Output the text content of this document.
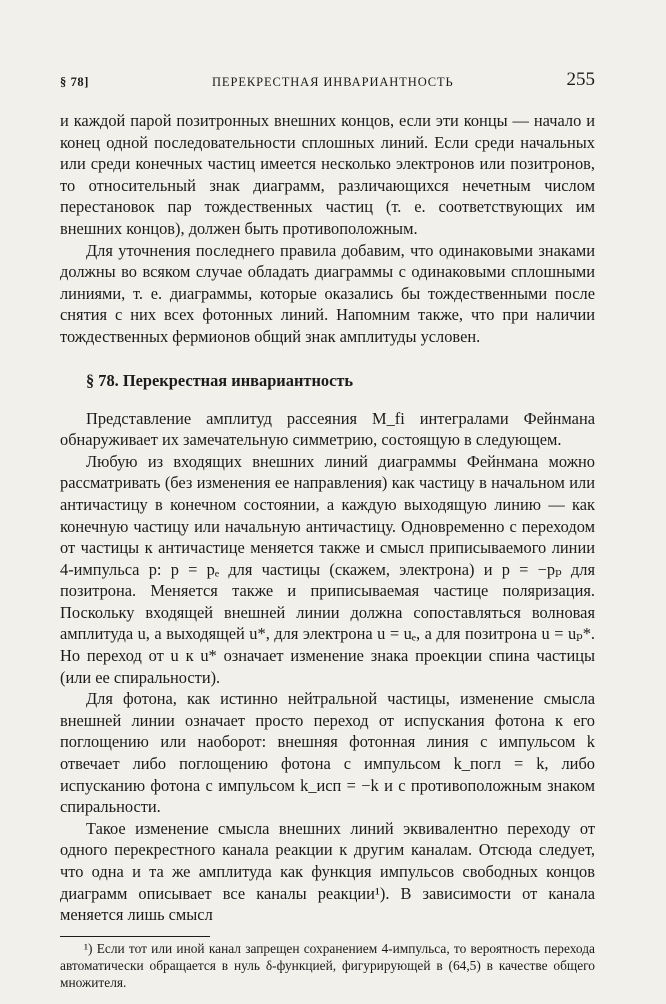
§ 78]	ПЕРЕКРЕСТНАЯ ИНВАРИАНТНОСТЬ	255

и каждой парой позитронных внешних концов, если эти концы — начало и конец одной последовательности сплошных линий. Если среди начальных или среди конечных частиц имеется несколько электронов или позитронов, то относительный знак диаграмм, различающихся нечетным числом перестановок пар тождественных частиц (т. е. соответствующих им внешних концов), должен быть противоположным.

Для уточнения последнего правила добавим, что одинаковыми знаками должны во всяком случае обладать диаграммы с одинаковыми сплошными линиями, т. е. диаграммы, которые оказались бы тождественными после снятия с них всех фотонных линий. Напомним также, что при наличии тождественных фермионов общий знак амплитуды условен.

§ 78. Перекрестная инвариантность

Представление амплитуд рассеяния M_fi интегралами Фейнмана обнаруживает их замечательную симметрию, состоящую в следующем.

Любую из входящих внешних линий диаграммы Фейнмана можно рассматривать (без изменения ее направления) как частицу в начальном или античастицу в конечном состоянии, а каждую выходящую линию — как конечную частицу или начальную античастицу. Одновременно с переходом от частицы к античастице меняется также и смысл приписываемого линии 4-импульса p: p = pₑ для частицы (скажем, электрона) и p = −pₚ для позитрона. Меняется также и приписываемая частице поляризация. Поскольку входящей внешней линии должна сопоставляться волновая амплитуда u, а выходящей u*, для электрона u = uₑ, а для позитрона u = uₚ*. Но переход от u к u* означает изменение знака проекции спина частицы (или ее спиральности).

Для фотона, как истинно нейтральной частицы, изменение смысла внешней линии означает просто переход от испускания фотона к его поглощению или наоборот: внешняя фотонная линия с импульсом k отвечает либо поглощению фотона с импульсом k_погл = k, либо испусканию фотона с импульсом k_исп = −k и с противоположным знаком спиральности.

Такое изменение смысла внешних линий эквивалентно переходу от одного перекрестного канала реакции к другим каналам. Отсюда следует, что одна и та же амплитуда как функция импульсов свободных концов диаграмм описывает все каналы реакции¹). В зависимости от канала меняется лишь смысл

¹) Если тот или иной канал запрещен сохранением 4-импульса, то вероятность перехода автоматически обращается в нуль δ-функцией, фигурирующей в (64,5) в качестве общего множителя.
